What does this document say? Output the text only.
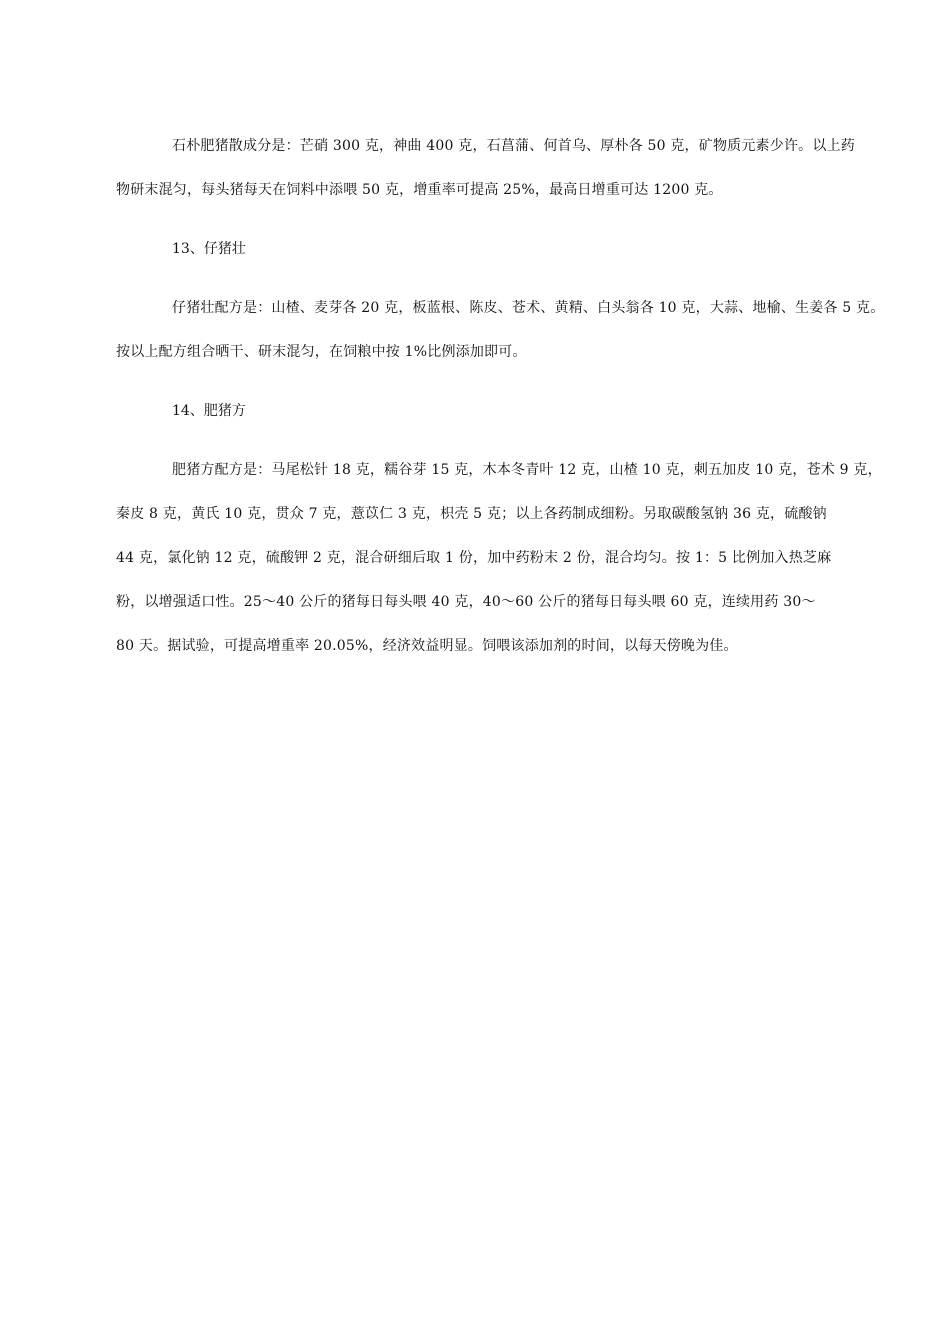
石朴肥猪散成分是：芒硝 300 克，神曲 400 克，石菖蒲、何首乌、厚朴各 50 克，矿物质元素少许。以上药
物研末混匀，每头猪每天在饲料中添喂 50 克，增重率可提高 25%，最高日增重可达 1200 克。

13、仔猪壮

仔猪壮配方是：山楂、麦芽各 20 克，板蓝根、陈皮、苍术、黄精、白头翁各 10 克，大蒜、地榆、生姜各 5 克。
按以上配方组合晒干、研末混匀，在饲粮中按 1%比例添加即可。

14、肥猪方

肥猪方配方是：马尾松针 18 克，糯谷芽 15 克，木本冬青叶 12 克，山楂 10 克，刺五加皮 10 克，苍术 9 克，
秦皮 8 克，黄氏 10 克，贯众 7 克，薏苡仁 3 克，枳壳 5 克；以上各药制成细粉。另取碳酸氢钠 36 克，硫酸钠
44 克，氯化钠 12 克，硫酸钾 2 克，混合研细后取 1 份，加中药粉末 2 份，混合均匀。按 1：5 比例加入热芝麻
粉，以增强适口性。25～40 公斤的猪每日每头喂 40 克，40～60 公斤的猪每日每头喂 60 克，连续用药 30～
80 天。据试验，可提高增重率 20.05%，经济效益明显。饲喂该添加剂的时间，以每天傍晚为佳。
